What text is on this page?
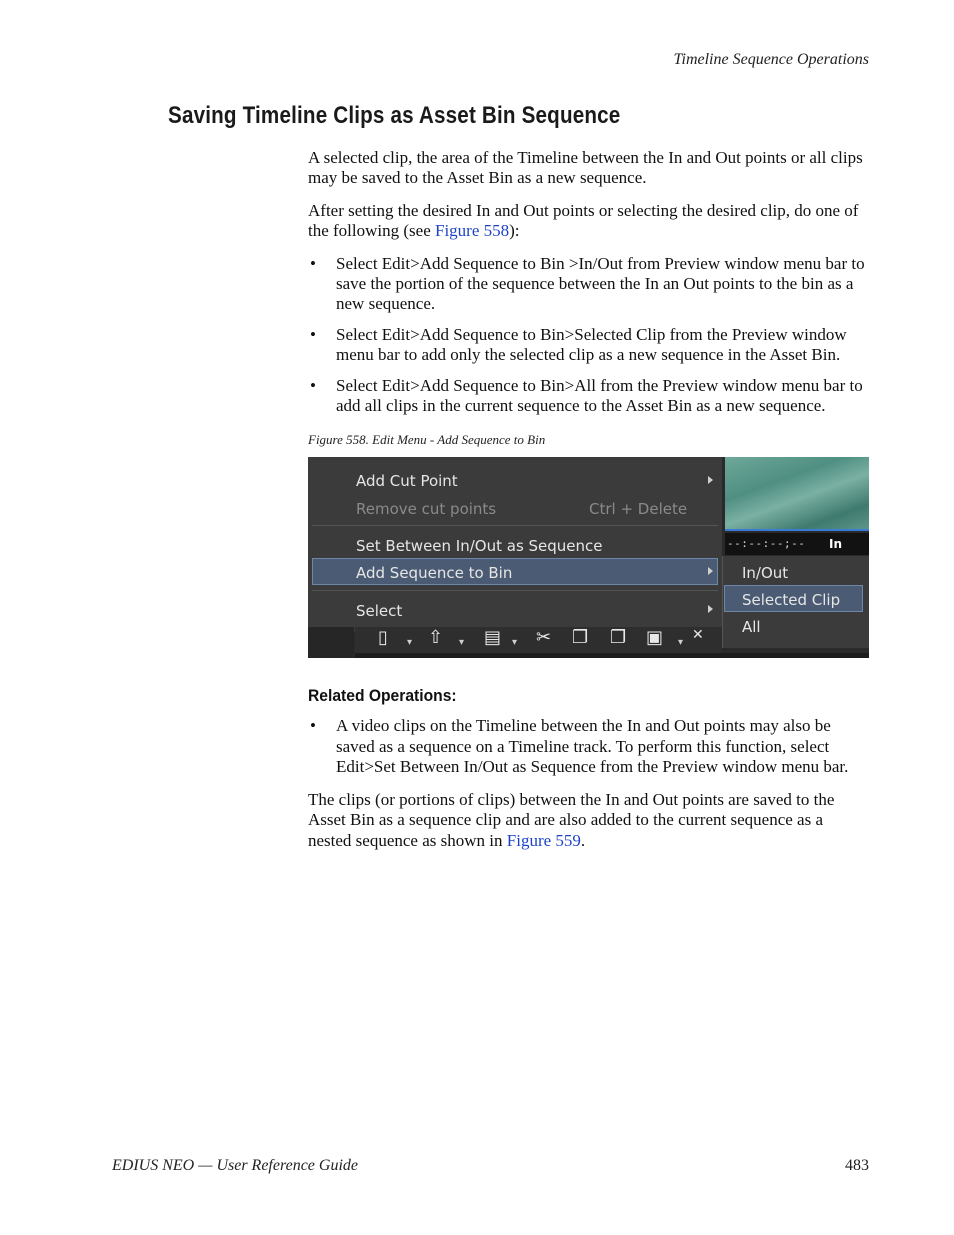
Timeline Sequence Operations
Saving Timeline Clips as Asset Bin Sequence

A selected clip, the area of the Timeline between the In and Out points or all clips may be saved to the Asset Bin as a new sequence.

After setting the desired In and Out points or selecting the desired clip, do one of the following (see Figure 558):

• Select Edit>Add Sequence to Bin >In/Out from Preview window menu bar to save the portion of the sequence between the In an Out points to the bin as a new sequence.
• Select Edit>Add Sequence to Bin>Selected Clip from the Preview window menu bar to add only the selected clip as a new sequence in the Asset Bin.
• Select Edit>Add Sequence to Bin>All from the Preview window menu bar to add all clips in the current sequence to the Asset Bin as a new sequence.
Figure 558. Edit Menu - Add Sequence to Bin
Add Cut Point
Remove cut points	Ctrl + Delete
Set Between In/Out as Sequence
Add Sequence to Bin
Select
--:--:--;-- In
In/Out
Selected Clip
All
▯ ▾ ⇧ ▾ ▤ ▾ ✂ ❐ ❐ ▣ ▾ ✕
Related Operations:
• A video clips on the Timeline between the In and Out points may also be saved as a sequence on a Timeline track. To perform this function, select Edit>Set Between In/Out as Sequence from the Preview window menu bar.

The clips (or portions of clips) between the In and Out points are saved to the Asset Bin as a sequence clip and are also added to the current sequence as a nested sequence as shown in Figure 559.

EDIUS NEO — User Reference Guide	483
